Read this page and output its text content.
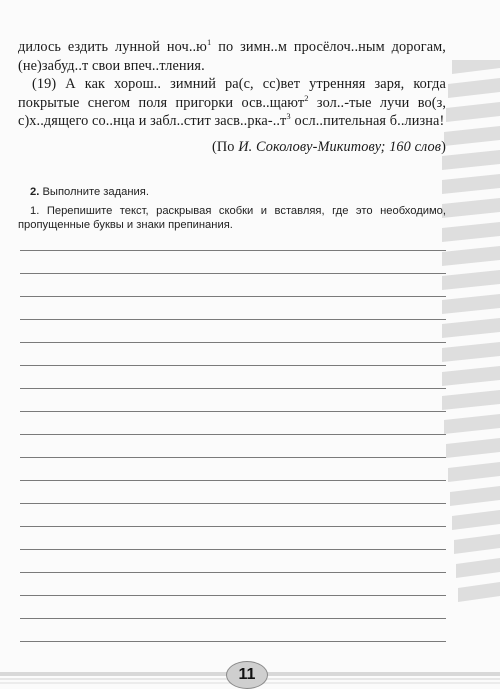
дилось ездить лунной $ноч..ю^1$ по зимн..м просёлоч..ным дорогам, (не)забуд..т свои впеч..тления.

(19) А как хорош.. зимний ра(с, сс)вет утренняя заря, когда покрытые снегом поля пригорки осв..щают$^2$ зол..-тые лучи во(з, с)х..дящего со..нца и забл..стит $засв..рка-..т^3$ осл..пительная б..лизна!

(По И. Соколову-Микитову; 160 слов)

2. Выполните задания.

1. Перепишите текст, раскрывая скобки и вставляя, где это необходимо, пропущенные буквы и знаки препинания.

11
